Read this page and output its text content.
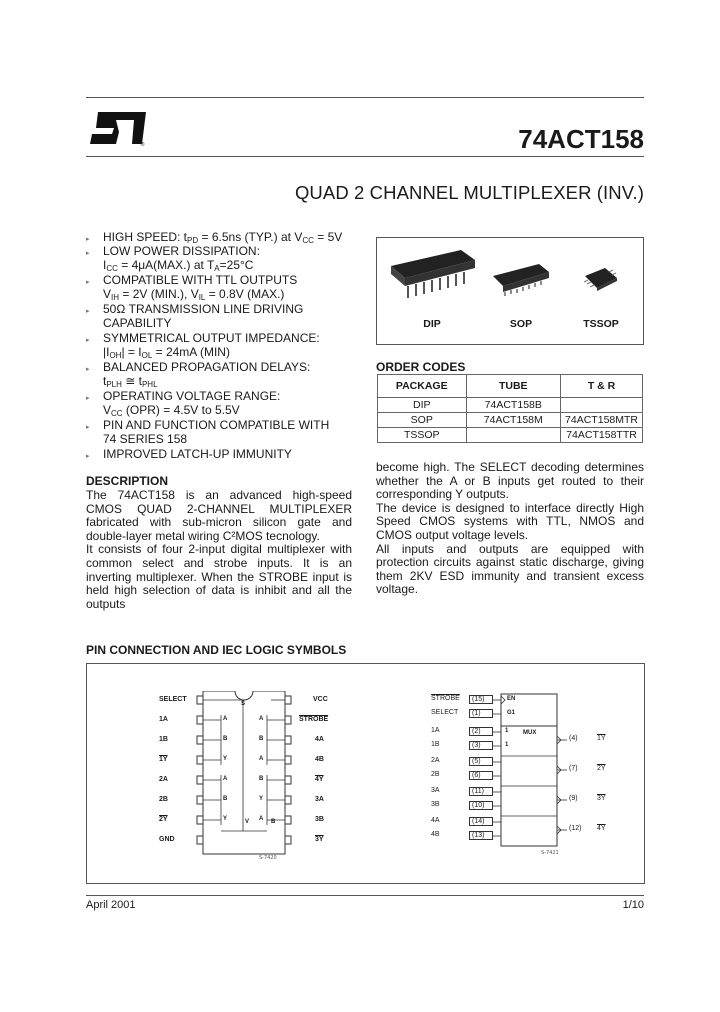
®	74ACT158
QUAD 2 CHANNEL MULTIPLEXER (INV.)
▸ HIGH SPEED: $t_{PD} = 6.5ns$ (TYP.) at $V_{CC} = 5V$
▸ LOW POWER DISSIPATION:
$I_{CC} = 4\mu A(MAX.)$ at $T_A=25^\circ C$
▸ COMPATIBLE WITH TTL OUTPUTS
$V_{IH} = 2V$ (MIN.), $V_{IL} = 0.8V$ (MAX.)
▸ 50Ω TRANSMISSION LINE DRIVING
CAPABILITY
▸ SYMMETRICAL OUTPUT IMPEDANCE:
$|I_{OH}| = I_{OL} = 24mA$ (MIN)
▸ BALANCED PROPAGATION DELAYS:
$t_{PLH}$ ≅ $t_{PHL}$
▸ OPERATING VOLTAGE RANGE:
$V_{CC}$ (OPR) = 4.5V to 5.5V
▸ PIN AND FUNCTION COMPATIBLE WITH
74 SERIES 158
▸ IMPROVED LATCH-UP IMMUNITY
DIP	SOP	TSSOP
ORDER CODES
PACKAGE	TUBE	T & R
DIP	74ACT158B	
SOP	74ACT158M	74ACT158MTR
TSSOP		74ACT158TTR
DESCRIPTION
The 74ACT158 is an advanced high-speed CMOS QUAD 2-CHANNEL MULTIPLEXER fabricated with sub-micron silicon gate and double-layer metal wiring C²MOS tecnology.
It consists of four 2-input digital multiplexer with common select and strobe inputs. It is an inverting multiplexer. When the STROBE input is held high selection of data is inhibit and all the outputs
become high. The SELECT decoding determines whether the A or B inputs get routed to their corresponding Y outputs.
The device is designed to interface directly High Speed CMOS systems with TTL, NMOS and CMOS output voltage levels.
All inputs and outputs are equipped with protection circuits against static discharge, giving them 2KV ESD immunity and transient excess voltage.
PIN CONNECTION AND IEC LOGIC SYMBOLS
S-7420
SELECT
1A
1B
1Y
2A
2B
2Y
GND
VCC
STROBE
4A
4B
4Y
3A
3B
3Y
S
A
B
Y
A
B
Y	V
A
B
A
B
Y
A B
S-7421
EN
G1
1
1
MUX
STROBE	(15)
SELECT	(1)
1A	(2)
1B	(3)
2A	(5)
2B	(6)
3A	(11)
3B	(10)
4A	(14)
4B	(13)
(4)	1Y
(7)	2Y
(9)	3Y
(12) 4Y
April 2001	1/10
